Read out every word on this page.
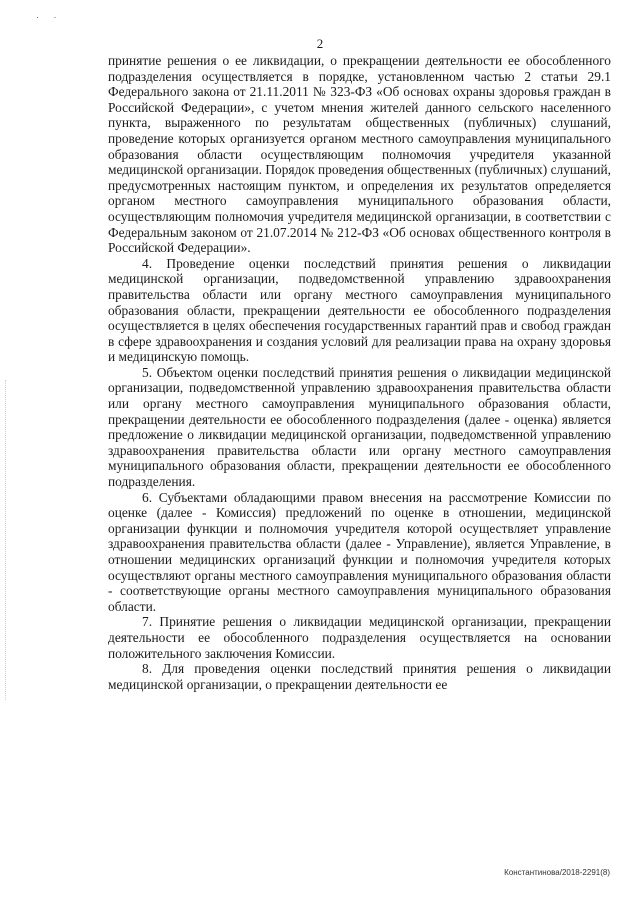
· ·
2

принятие решения о ее ликвидации, о прекращении деятельности ее обособленного подразделения осуществляется в порядке, установленном частью 2 статьи 29.1 Федерального закона от 21.11.2011 № 323-ФЗ «Об основах охраны здоровья граждан в Российской Федерации», с учетом мнения жителей данного сельского населенного пункта, выраженного по результатам общественных (публичных) слушаний, проведение которых организуется органом местного самоуправления муниципального образования области осуществляющим полномочия учредителя указанной медицинской организации. Порядок проведения общественных (публичных) слушаний, предусмотренных настоящим пунктом, и определения их результатов определяется органом местного самоуправления муниципального образования области, осуществляющим полномочия учредителя медицинской организации, в соответствии с Федеральным законом от 21.07.2014 № 212-ФЗ «Об основах общественного контроля в Российской Федерации».

4. Проведение оценки последствий принятия решения о ликвидации медицинской организации, подведомственной управлению здравоохранения правительства области или органу местного самоуправления муниципального образования области, прекращении деятельности ее обособленного подразделения осуществляется в целях обеспечения государственных гарантий прав и свобод граждан в сфере здравоохранения и создания условий для реализации права на охрану здоровья и медицинскую помощь.

5. Объектом оценки последствий принятия решения о ликвидации медицинской организации, подведомственной управлению здравоохранения правительства области или органу местного самоуправления муниципального образования области, прекращении деятельности ее обособленного подразделения (далее - оценка) является предложение о ликвидации медицинской организации, подведомственной управлению здравоохранения правительства области или органу местного самоуправления муниципального образования области, прекращении деятельности ее обособленного подразделения.

6. Субъектами обладающими правом внесения на рассмотрение Комиссии по оценке (далее - Комиссия) предложений по оценке в отношении, медицинской организации функции и полномочия учредителя которой осуществляет управление здравоохранения правительства области (далее - Управление), является Управление, в отношении медицинских организаций функции и полномочия учредителя которых осуществляют органы местного самоуправления муниципального образования области - соответствующие органы местного самоуправления муниципального образования области.

7. Принятие решения о ликвидации медицинской организации, прекращении деятельности ее обособленного подразделения осуществляется на основании положительного заключения Комиссии.

8. Для проведения оценки последствий принятия решения о ликвидации медицинской организации, о прекращении деятельности ее

Константинова/2018-2291(8)
